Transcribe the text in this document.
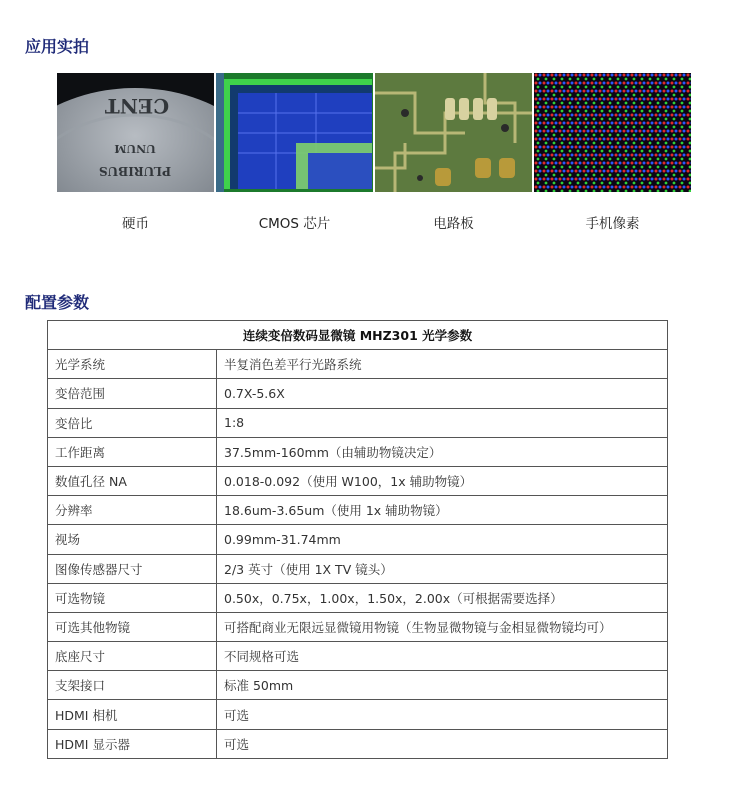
应用实拍
UNUM
PLURIBUS
CENT
硬币	CMOS 芯片	电路板	手机像素
配置参数
连续变倍数码显微镜 MHZ301 光学参数	
光学系统	半复消色差平行光路系统
变倍范围	0.7X-5.6X
变倍比	1:8
工作距离	37.5mm-160mm（由辅助物镜决定）
数值孔径 NA	0.018-0.092（使用 W100，1x 辅助物镜）
分辨率	18.6um-3.65um（使用 1x 辅助物镜）
视场	0.99mm-31.74mm
图像传感器尺寸	2/3 英寸（使用 1X TV 镜头）
可选物镜	0.50x，0.75x，1.00x，1.50x，2.00x（可根据需要选择）
可选其他物镜	可搭配商业无限远显微镜用物镜（生物显微物镜与金相显微物镜均可）
底座尺寸	不同规格可选
支架接口	标准 50mm
HDMI 相机	可选
HDMI 显示器	可选
